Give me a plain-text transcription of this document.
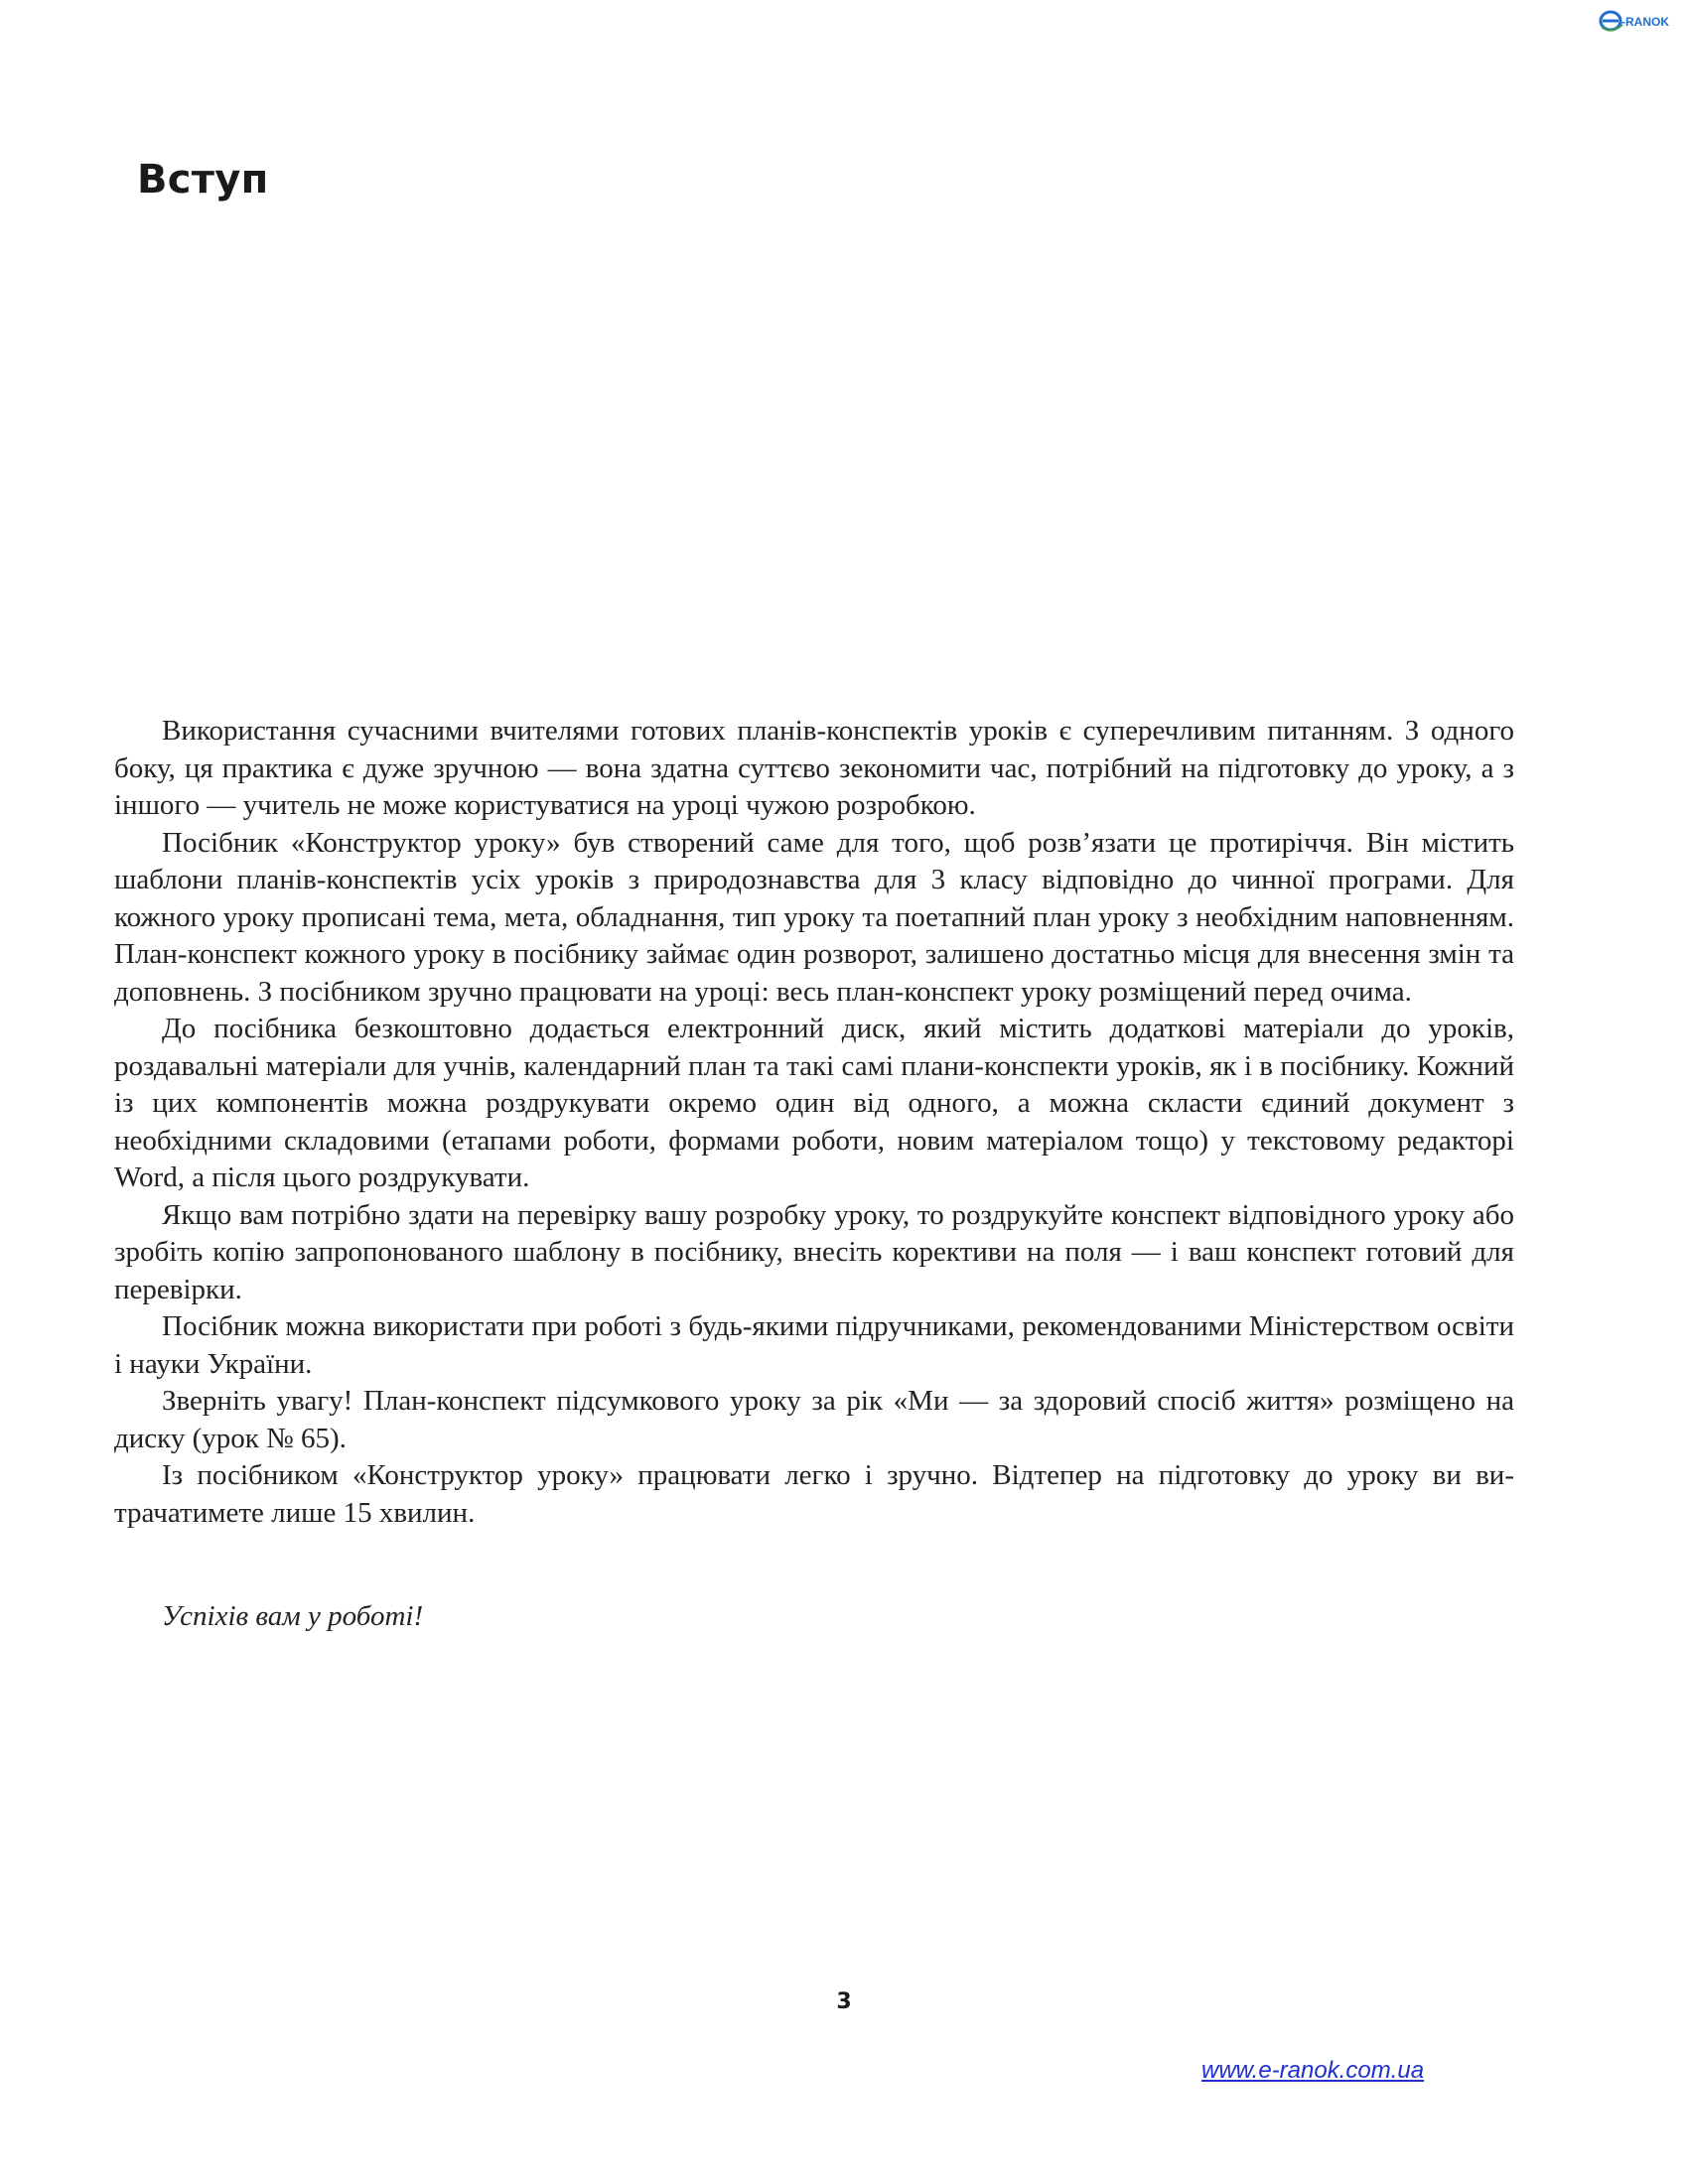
-RANOK
Вступ

Використання сучасними вчителями готових планів-конспектів уроків є суперечливим питанням. З одного боку, ця практика є дуже зручною — вона здатна суттєво зекономити час, потрібний на підготовку до уроку, а з іншого — учитель не може користуватися на уроці чужою розробкою.

Посібник «Конструктор уроку» був створений саме для того, щоб розв’язати це протиріччя. Він містить шаблони планів-конспектів усіх уроків з природознавства для 3 класу відповідно до чинної програми. Для кожного уроку прописані тема, мета, обладнання, тип уроку та поетапний план уроку з необхідним наповненням. План-конспект кожного уроку в посібнику займає один розворот, залишено достатньо місця для внесення змін та доповнень. З посібником зручно працювати на уроці: весь план-конспект уроку розміщений перед очима.

До посібника безкоштовно додається електронний диск, який містить додаткові матеріали до уроків, роздавальні матеріали для учнів, календарний план та такі самі плани-конспекти уроків, як і в посібнику. Кожний із цих компонентів можна роздрукувати окремо один від одного, а можна скласти єдиний документ з необхідними складовими (етапами роботи, формами роботи, новим матеріалом тощо) у текстовому редакторі Word, а після цього роздрукувати.

Якщо вам потрібно здати на перевірку вашу розробку уроку, то роздрукуйте конспект відповідного уроку або зробіть копію запропонованого шаблону в посібнику, внесіть корективи на поля — і ваш конспект готовий для перевірки.

Посібник можна використати при роботі з будь-якими підручниками, рекомендованими Міністерством освіти і науки України.

Зверніть увагу! План-конспект підсумкового уроку за рік «Ми — за здоровий спосіб життя» розміщено на диску (урок № 65).

Із посібником «Конструктор уроку» працювати легко і зручно. Відтепер на підготовку до уроку ви витрачатимете лише 15 хвилин.

Успіхів вам у роботі!

3

www.e-ranok.com.ua
